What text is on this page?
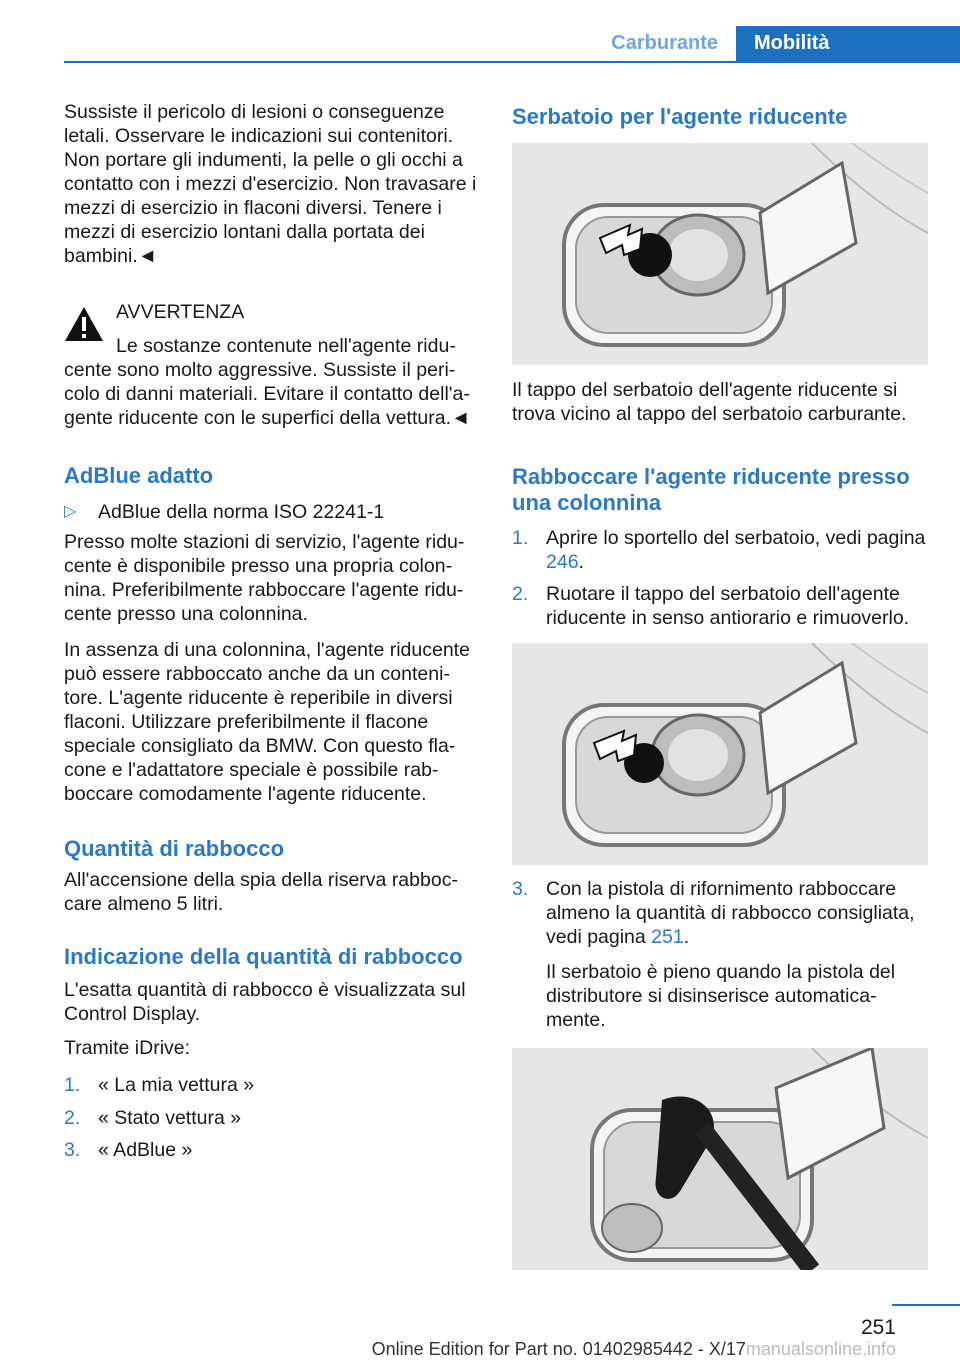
Carburante	Mobilità

Sussiste il pericolo di lesioni o conseguenze letali. Osservare le indicazioni sui contenitori. Non portare gli indumenti, la pelle o gli occhi a contatto con i mezzi d'esercizio. Non travasare i mezzi di esercizio in flaconi diversi. Tenere i mezzi di esercizio lontani dalla portata dei bambini.◄

AVVERTENZA

Le sostanze contenute nell'agente riducente sono molto aggressive. Sussiste il pericolo di danni materiali. Evitare il contatto dell'agente riducente con le superfici della vettura.◄

AdBlue adatto
▷ AdBlue della norma ISO 22241-1

Presso molte stazioni di servizio, l'agente riducente è disponibile presso una propria colonnina. Preferibilmente rabboccare l'agente riducente presso una colonnina.

In assenza di una colonnina, l'agente riducente può essere rabboccato anche da un contenitore. L'agente riducente è reperibile in diversi flaconi. Utilizzare preferibilmente il flacone speciale consigliato da BMW. Con questo flacone e l'adattatore speciale è possibile rabboccare comodamente l'agente riducente.

Quantità di rabbocco

All'accensione della spia della riserva rabboccare almeno 5 litri.

Indicazione della quantità di rabbocco

L'esatta quantità di rabbocco è visualizzata sul Control Display.

Tramite iDrive:

1. « La mia vettura »
2. « Stato vettura »
3. « AdBlue »
Serbatoio per l'agente riducente

Il tappo del serbatoio dell'agente riducente si trova vicino al tappo del serbatoio carburante.

Rabboccare l'agente riducente presso una colonnina
1. Aprire lo sportello del serbatoio, vedi pagina 246.
2. Ruotare il tappo del serbatoio dell'agente riducente in senso antiorario e rimuoverlo.
3. Con la pistola di rifornimento rabboccare almeno la quantità di rabbocco consigliata, vedi pagina 251.

Il serbatoio è pieno quando la pistola del distributore si disinserisce automaticamente.

251
Online Edition for Part no. 01402985442 - X/17manualsonline.info
